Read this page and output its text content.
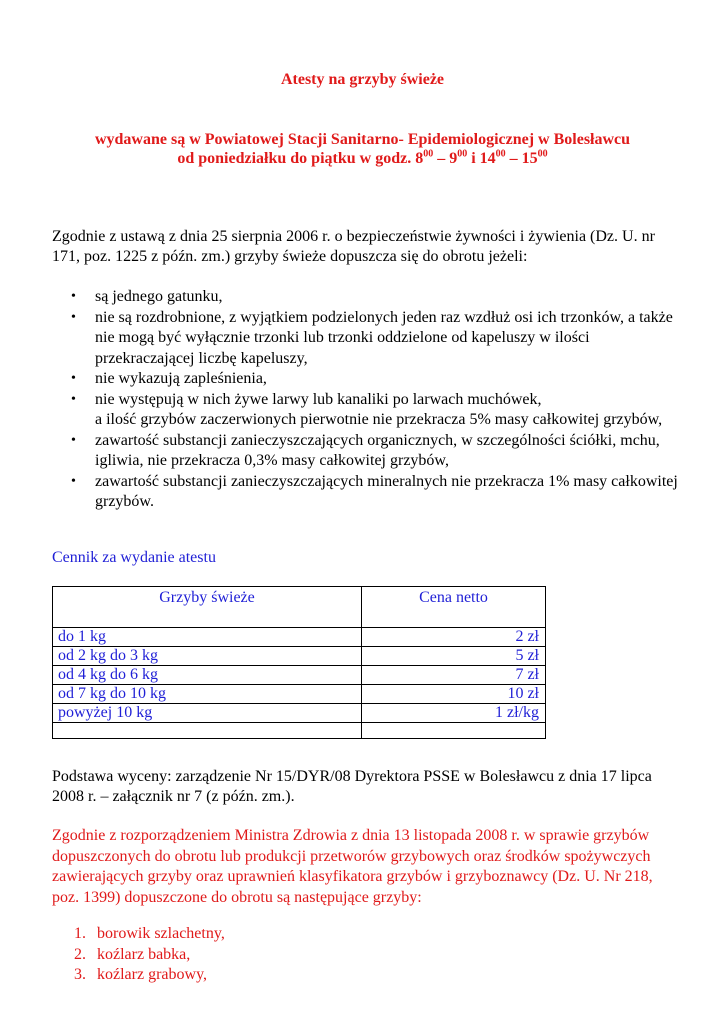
Atesty na grzyby świeże
wydawane są w Powiatowej Stacji Sanitarno- Epidemiologicznej w Bolesławcu
od poniedziałku do piątku w godz. $8^{00} - 9^{00}$ i $14^{00} - 15^{00}$
Zgodnie z ustawą z dnia 25 sierpnia 2006 r. o bezpieczeństwie żywności i żywienia (Dz. U. nr 171, poz. 1225 z późn. zm.) grzyby świeże dopuszcza się do obrotu jeżeli:
• są jednego gatunku,
• nie są rozdrobnione, z wyjątkiem podzielonych jeden raz wzdłuż osi ich trzonków, a także nie mogą być wyłącznie trzonki lub trzonki oddzielone od kapeluszy w ilości przekraczającej liczbę kapeluszy,
• nie wykazują zapleśnienia,
• nie występują w nich żywe larwy lub kanaliki po larwach muchówek,
a ilość grzybów zaczerwionych pierwotnie nie przekracza 5% masy całkowitej grzybów,
• zawartość substancji zanieczyszczających organicznych, w szczególności ściółki, mchu, igliwia, nie przekracza 0,3% masy całkowitej grzybów,
• zawartość substancji zanieczyszczających mineralnych nie przekracza 1% masy całkowitej grzybów.
Cennik za wydanie atestu
Grzyby świeże	Cena netto
do 1 kg	2 zł
od 2 kg do 3 kg	5 zł
od 4 kg do 6 kg	7 zł
od 7 kg do 10 kg	10 zł
powyżej 10 kg	1 zł/kg

Podstawa wyceny: zarządzenie Nr 15/DYR/08 Dyrektora PSSE w Bolesławcu z dnia 17 lipca 2008 r. – załącznik nr 7 (z późn. zm.).
Zgodnie z rozporządzeniem Ministra Zdrowia z dnia 13 listopada 2008 r. w sprawie grzybów dopuszczonych do obrotu lub produkcji przetworów grzybowych oraz środków spożywczych zawierających grzyby oraz uprawnień klasyfikatora grzybów i grzyboznawcy (Dz. U. Nr 218, poz. 1399) dopuszczone do obrotu są następujące grzyby:
1. borowik szlachetny,
2. koźlarz babka,
3. koźlarz grabowy,
